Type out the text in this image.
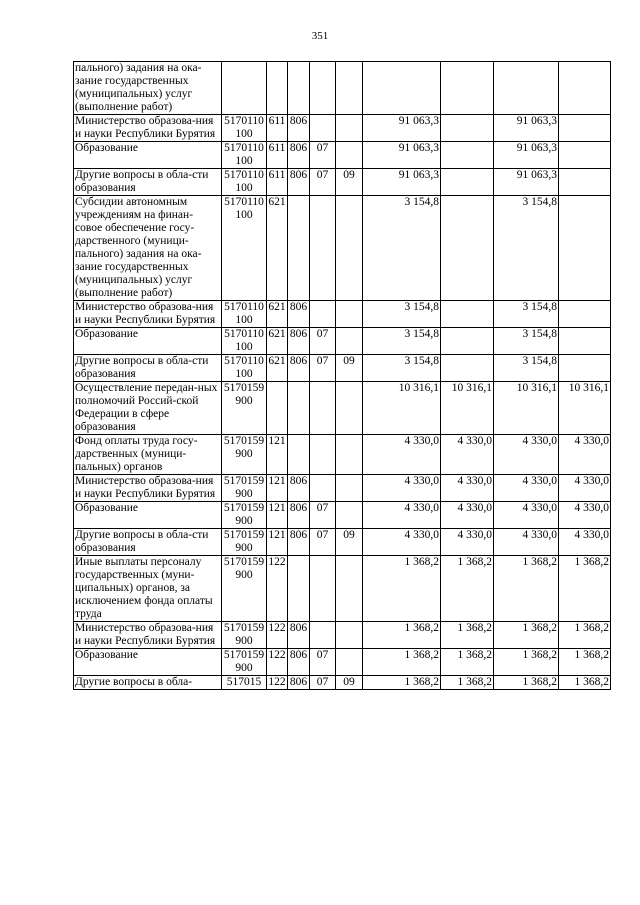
351
пального) задания на ока-зание государственных (муниципальных) услуг (выполнение работ)									
Министерство образова-ния и науки Республики Бурятия	5170110100	611	806			91 063,3		91 063,3	
Образование	5170110100	611	806	07		91 063,3		91 063,3	
Другие вопросы в обла-сти образования	5170110100	611	806	07	09	91 063,3		91 063,3	
Субсидии автономным учреждениям на финан-совое обеспечение госу-дарственного (муници-пального) задания на ока-зание государственных (муниципальных) услуг (выполнение работ)	5170110100	621				3 154,8		3 154,8	
Министерство образова-ния и науки Республики Бурятия	5170110100	621	806			3 154,8		3 154,8	
Образование	5170110100	621	806	07		3 154,8		3 154,8	
Другие вопросы в обла-сти образования	5170110100	621	806	07	09	3 154,8		3 154,8	
Осуществление передан-ных полномочий Россий-ской Федерации в сфере образования	5170159900					10 316,1	10 316,1	10 316,1	10 316,1
Фонд оплаты труда госу-дарственных (муници-пальных) органов	5170159900	121				4 330,0	4 330,0	4 330,0	4 330,0
Министерство образова-ния и науки Республики Бурятия	5170159900	121	806			4 330,0	4 330,0	4 330,0	4 330,0
Образование	5170159900	121	806	07		4 330,0	4 330,0	4 330,0	4 330,0
Другие вопросы в обла-сти образования	5170159900	121	806	07	09	4 330,0	4 330,0	4 330,0	4 330,0
Иные выплаты персоналу государственных (муни-ципальных) органов, за исключением фонда оплаты труда	5170159900	122				1 368,2	1 368,2	1 368,2	1 368,2
Министерство образова-ния и науки Республики Бурятия	5170159900	122	806			1 368,2	1 368,2	1 368,2	1 368,2
Образование	5170159900	122	806	07		1 368,2	1 368,2	1 368,2	1 368,2
Другие вопросы в обла-	517015	122	806	07	09	1 368,2	1 368,2	1 368,2	1 368,2
